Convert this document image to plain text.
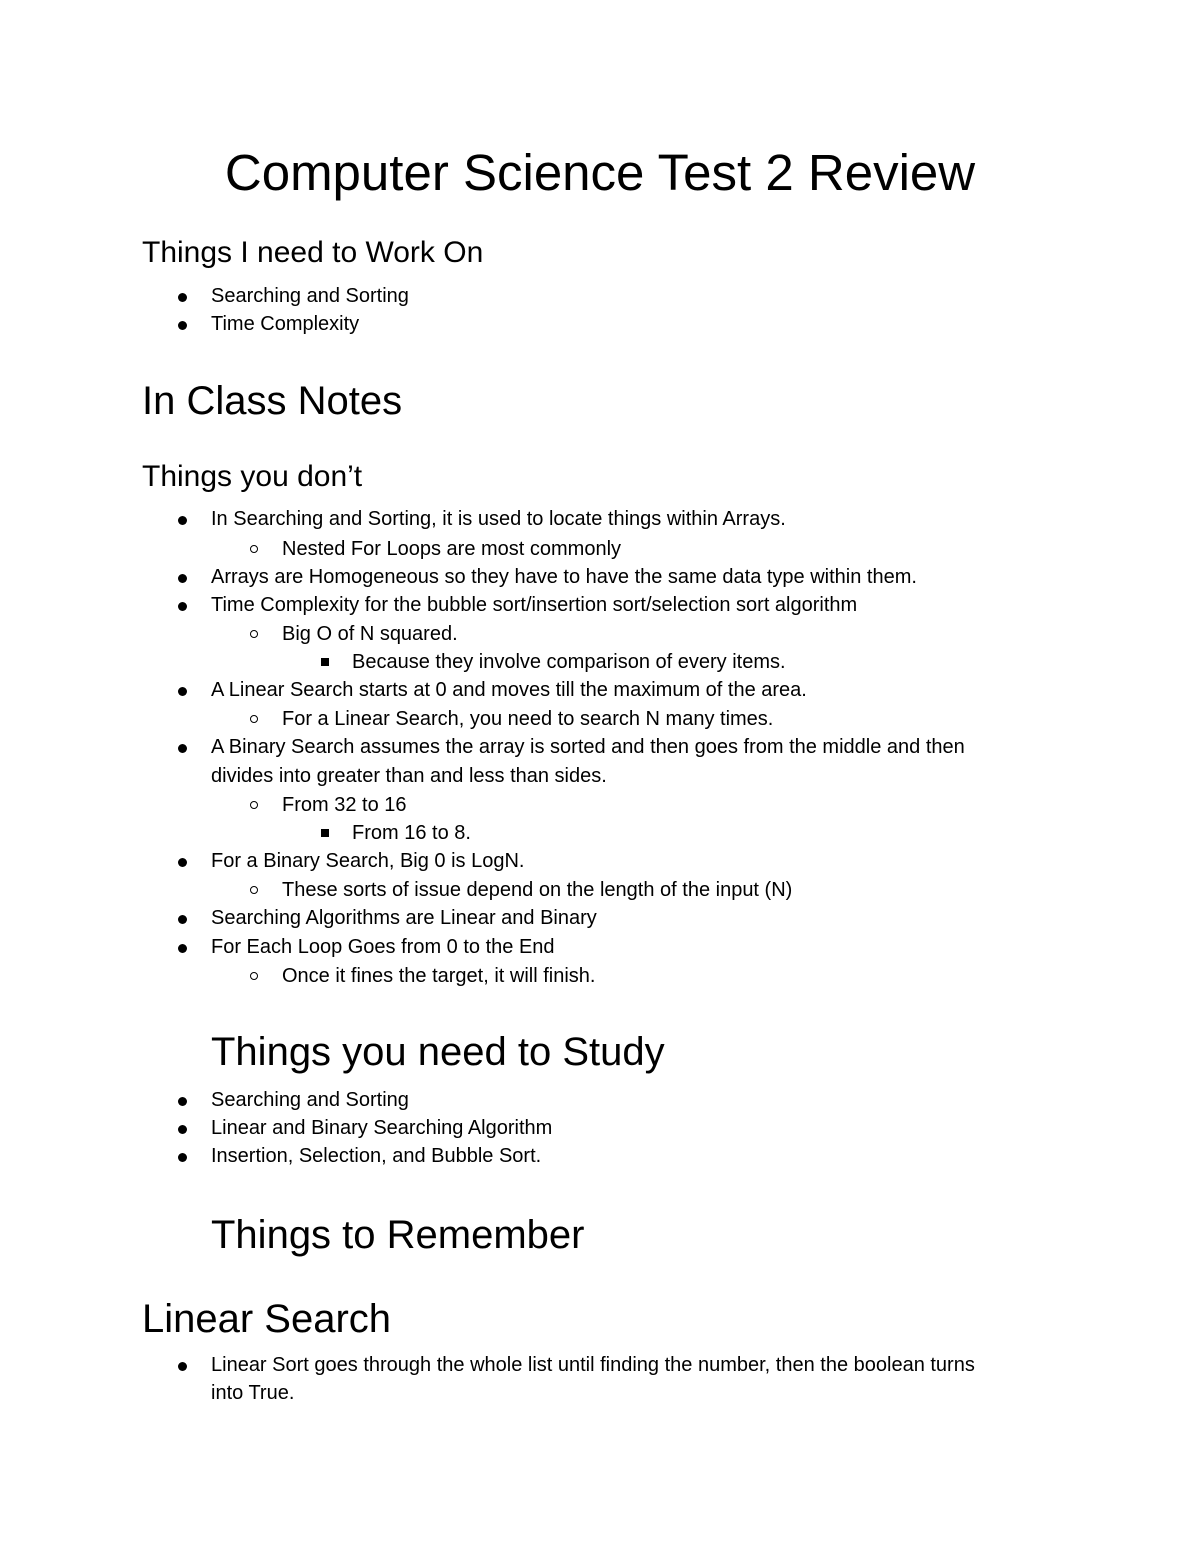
Computer Science Test 2 Review
Things I need to Work On
Searching and Sorting
Time Complexity
In Class Notes
Things you don’t
In Searching and Sorting, it is used to locate things within Arrays.
Nested For Loops are most commonly
Arrays are Homogeneous so they have to have the same data type within them.
Time Complexity for the bubble sort/insertion sort/selection sort algorithm
Big O of N squared.
Because they involve comparison of every items.
A Linear Search starts at 0 and moves till the maximum of the area.
For a Linear Search, you need to search N many times.
A Binary Search assumes the array is sorted and then goes from the middle and then
divides into greater than and less than sides.
From 32 to 16
From 16 to 8.
For a Binary Search, Big 0 is LogN.
These sorts of issue depend on the length of the input (N)
Searching Algorithms are Linear and Binary
For Each Loop Goes from 0 to the End
Once it fines the target, it will finish.
Things you need to Study
Searching and Sorting
Linear and Binary Searching Algorithm
Insertion, Selection, and Bubble Sort.
Things to Remember
Linear Search
Linear Sort goes through the whole list until finding the number, then the boolean turns
into True.
